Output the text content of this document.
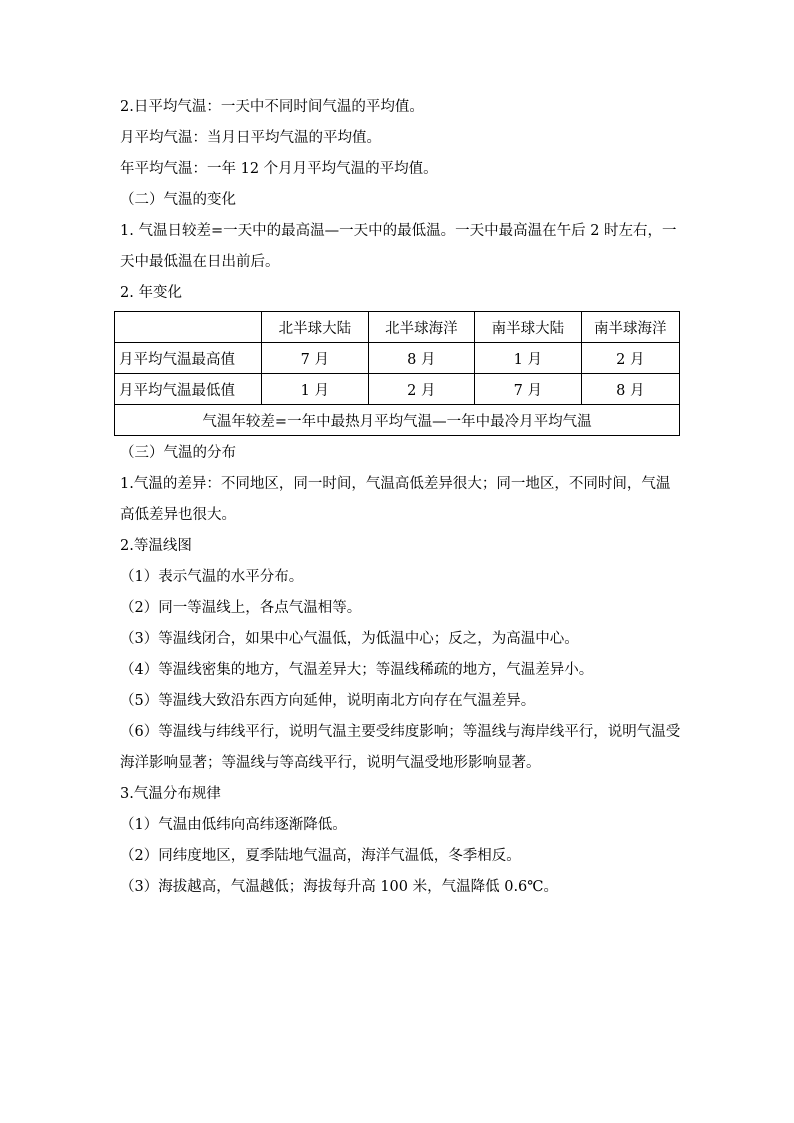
2.日平均气温：一天中不同时间气温的平均值。

月平均气温：当月日平均气温的平均值。

年平均气温：一年 12 个月月平均气温的平均值。

（二）气温的变化

1. 气温日较差=一天中的最高温—一天中的最低温。一天中最高温在午后 2 时左右，一天中最低温在日出前后。

2. 年变化

	北半球大陆	北半球海洋	南半球大陆	南半球海洋
月平均气温最高值	7 月	8 月	1 月	2 月
月平均气温最低值	1 月	2 月	7 月	8 月
气温年较差=一年中最热月平均气温—一年中最冷月平均气温				

（三）气温的分布

1.气温的差异：不同地区，同一时间，气温高低差异很大；同一地区，不同时间，气温高低差异也很大。

2.等温线图

（1）表示气温的水平分布。

（2）同一等温线上，各点气温相等。

（3）等温线闭合，如果中心气温低，为低温中心；反之，为高温中心。

（4）等温线密集的地方，气温差异大；等温线稀疏的地方，气温差异小。

（5）等温线大致沿东西方向延伸，说明南北方向存在气温差异。

（6）等温线与纬线平行，说明气温主要受纬度影响；等温线与海岸线平行，说明气温受海洋影响显著；等温线与等高线平行，说明气温受地形影响显著。

3.气温分布规律

（1）气温由低纬向高纬逐渐降低。

（2）同纬度地区，夏季陆地气温高，海洋气温低，冬季相反。

（3）海拔越高，气温越低；海拔每升高 100 米，气温降低 0.6℃。
